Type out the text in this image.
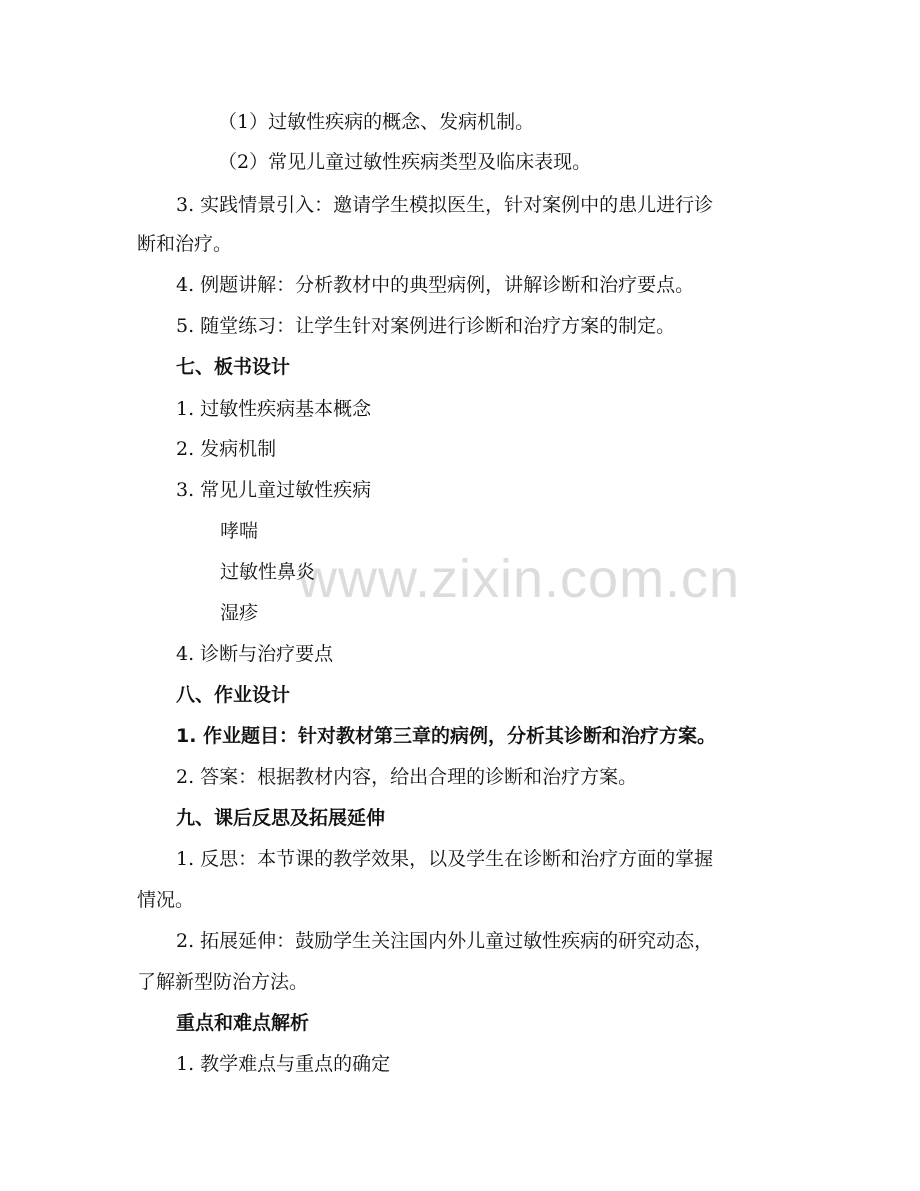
www.zixin.com.cn
（1）过敏性疾病的概念、发病机制。
（2）常见儿童过敏性疾病类型及临床表现。
3. 实践情景引入：邀请学生模拟医生，针对案例中的患儿进行诊
断和治疗。
4. 例题讲解：分析教材中的典型病例，讲解诊断和治疗要点。
5. 随堂练习：让学生针对案例进行诊断和治疗方案的制定。
七、板书设计
1. 过敏性疾病基本概念
2. 发病机制
3. 常见儿童过敏性疾病
哮喘
过敏性鼻炎
湿疹
4. 诊断与治疗要点
八、作业设计
1. 作业题目：针对教材第三章的病例，分析其诊断和治疗方案。
2. 答案：根据教材内容，给出合理的诊断和治疗方案。
九、课后反思及拓展延伸
1. 反思：本节课的教学效果，以及学生在诊断和治疗方面的掌握
情况。
2. 拓展延伸：鼓励学生关注国内外儿童过敏性疾病的研究动态，
了解新型防治方法。
重点和难点解析
1. 教学难点与重点的确定
